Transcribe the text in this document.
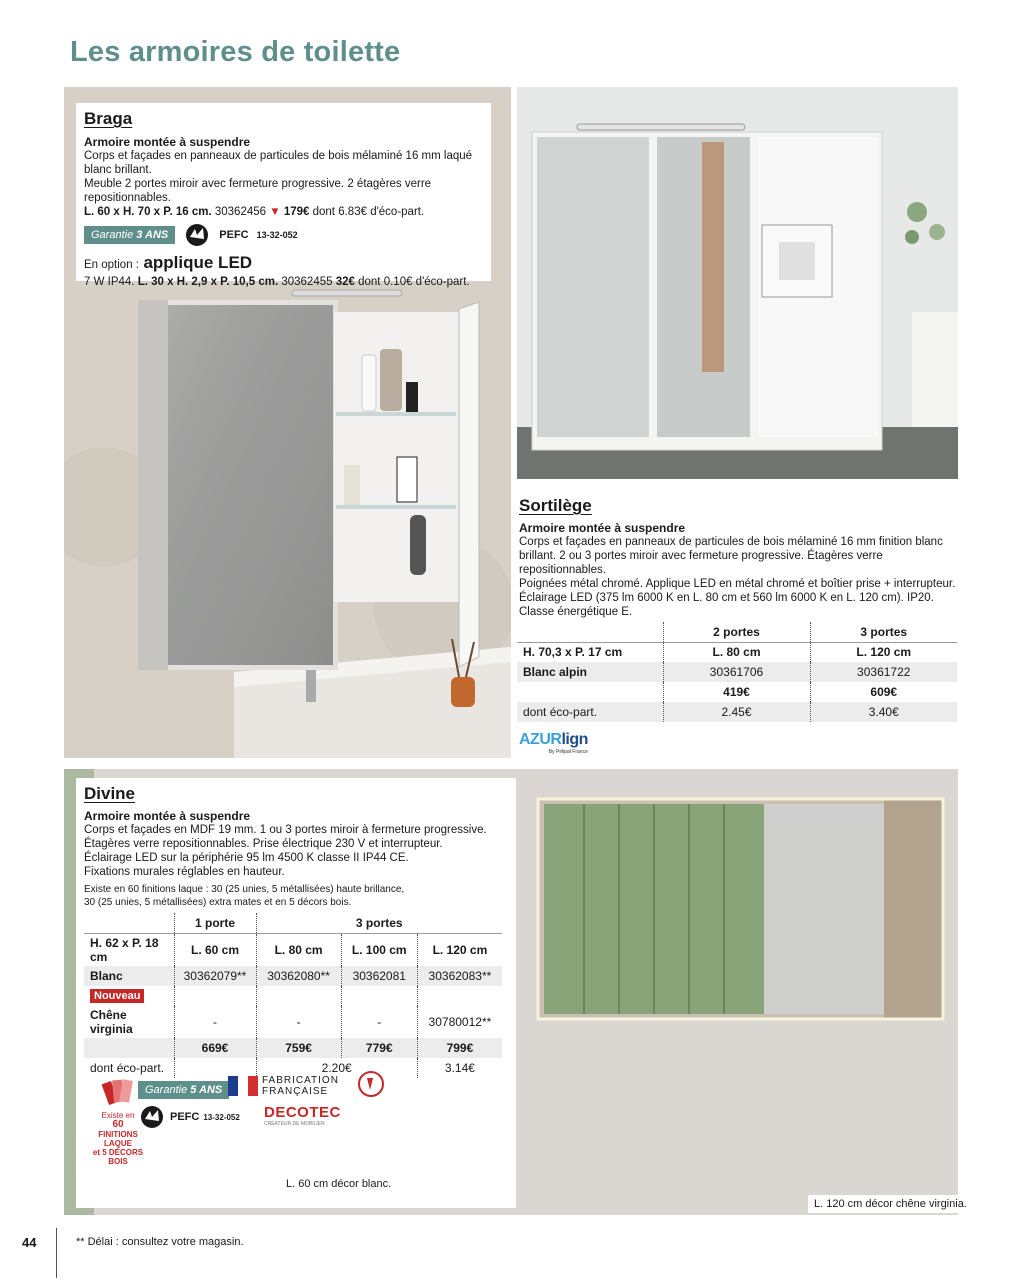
Les armoires de toilette
Braga
Armoire montée à suspendre
Corps et façades en panneaux de particules de bois mélaminé 16 mm laqué blanc brillant.
Meuble 2 portes miroir avec fermeture progressive. 2 étagères verre repositionnables.
L. 60 x H. 70 x P. 16 cm. 30362456 ▼ 179€ dont 6.83€ d'éco-part.
Garantie 3 ANS	PEFC 13-32-052
En option : applique LED
7 W IP44. L. 30 x H. 2,9 x P. 10,5 cm. 30362455 32€ dont 0.10€ d'éco-part.
Sortilège
Armoire montée à suspendre
Corps et façades en panneaux de particules de bois mélaminé 16 mm finition blanc
brillant. 2 ou 3 portes miroir avec fermeture progressive. Étagères verre repositionnables.
Poignées métal chromé. Applique LED en métal chromé et boîtier prise + interrupteur.
Éclairage LED (375 lm 6000 K en L. 80 cm et 560 lm 6000 K en L. 120 cm). IP20.
Classe énergétique E.
	2 portes	3 portes
H. 70,3 x P. 17 cm	L. 80 cm	L. 120 cm
Blanc alpin	30361706	30361722
	419€	609€
dont éco-part.	2.45€	3.40€
AZURlign
By Pelipal France
Divine
Armoire montée à suspendre
Corps et façades en MDF 19 mm. 1 ou 3 portes miroir à fermeture progressive.
Étagères verre repositionnables. Prise électrique 230 V et interrupteur.
Éclairage LED sur la périphérie 95 lm 4500 K classe II IP44 CE.
Fixations murales réglables en hauteur.
Existe en 60 finitions laque : 30 (25 unies, 5 métallisées) haute brillance,
30 (25 unies, 5 métallisées) extra mates et en 5 décors bois.
	1 porte	3 portes		
H. 62 x P. 18 cm	L. 60 cm	L. 80 cm	L. 100 cm	L. 120 cm
Blanc	30362079**	30362080**	30362081	30362083**
Nouveau				
Chêne virginia	-	-	-	30780012**
	669€	759€	779€	799€
dont éco-part.		2.20€		3.14€
Existe en
60
FINITIONS
LAQUE
et 5 DÉCORS
BOIS
Garantie 5 ANS
FABRICATION
FRANÇAISE
PEFC 13-32-052 DECOTEC
CRÉATEUR DE MOBILIER
L. 60 cm décor blanc.
L. 120 cm décor chêne virginia.
44	** Délai : consultez votre magasin.
